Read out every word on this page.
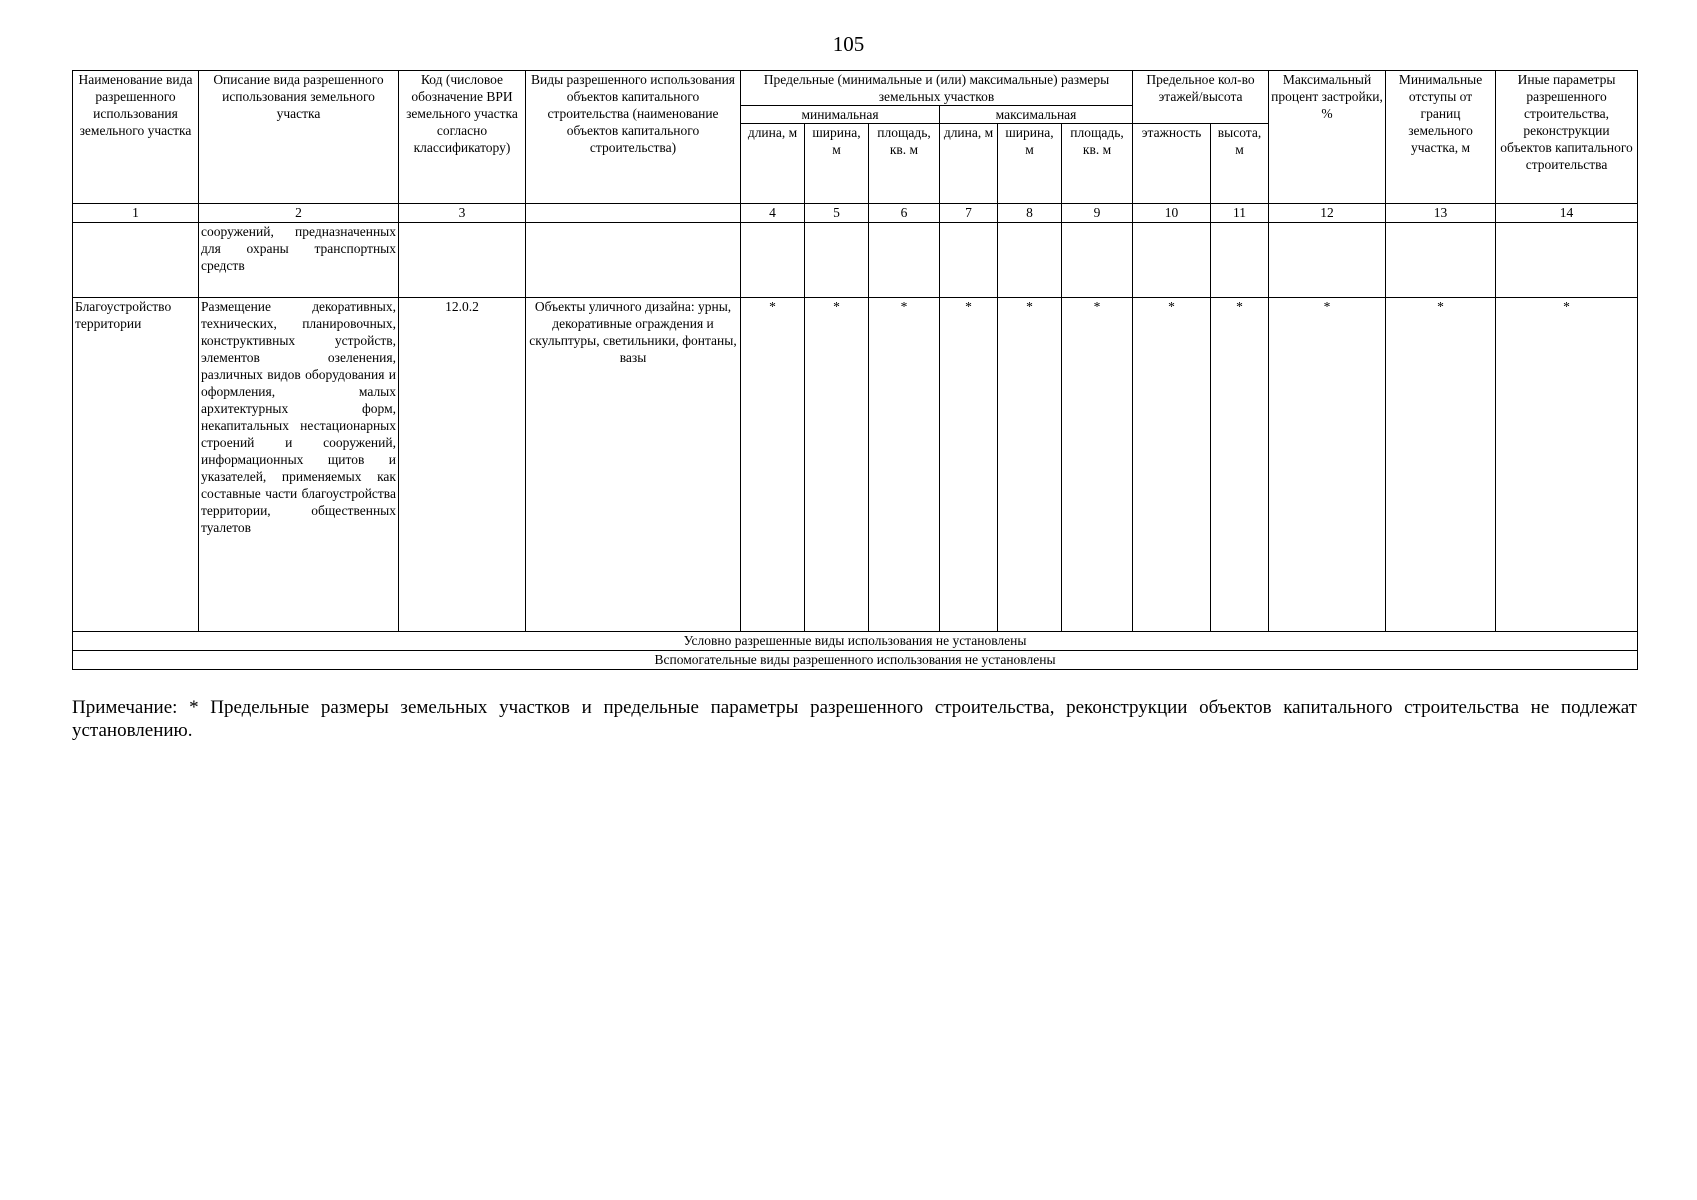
105
Наименование вида разрешенного использования земельного участка	Описание вида разрешенного использования земельного участка	Код (числовое обозначение ВРИ земельного участка согласно классификатору)	Виды разрешенного использования объектов капитального строительства (наименование объектов капитального строительства)	Предельные (минимальные и (или) максимальные) размеры земельных участков						Предельное кол-во этажей/высота		Максимальный процент застройки, %	Минимальные отступы от границ земельного участка, м	Иные параметры разрешенного строительства, реконструкции объектов капитального строительства
				минимальная			максимальная							
				длина, м	ширина, м	площадь, кв. м	длина, м	ширина, м	площадь, кв. м	этажность	высота, м			
1	2	3		4	5	6	7	8	9	10	11	12	13	14
	сооружений, предназначенных для охраны транспортных средств													
Благоустройство территории	Размещение декоративных, технических, планировочных, конструктивных устройств, элементов озеленения, различных видов оборудования и оформления, малых архитектурных форм, некапитальных нестационарных строений и сооружений, информационных щитов и указателей, применяемых как составные части благоустройства территории, общественных туалетов	12.0.2	Объекты уличного дизайна: урны, декоративные ограждения и скульптуры, светильники, фонтаны, вазы	*	*	*	*	*	*	*	*	*	*	*
Условно разрешенные виды использования не установлены														
Вспомогательные виды разрешенного использования не установлены														
Примечание: * Предельные размеры земельных участков и предельные параметры разрешенного строительства, реконструкции объектов капитального строительства не подлежат установлению.
